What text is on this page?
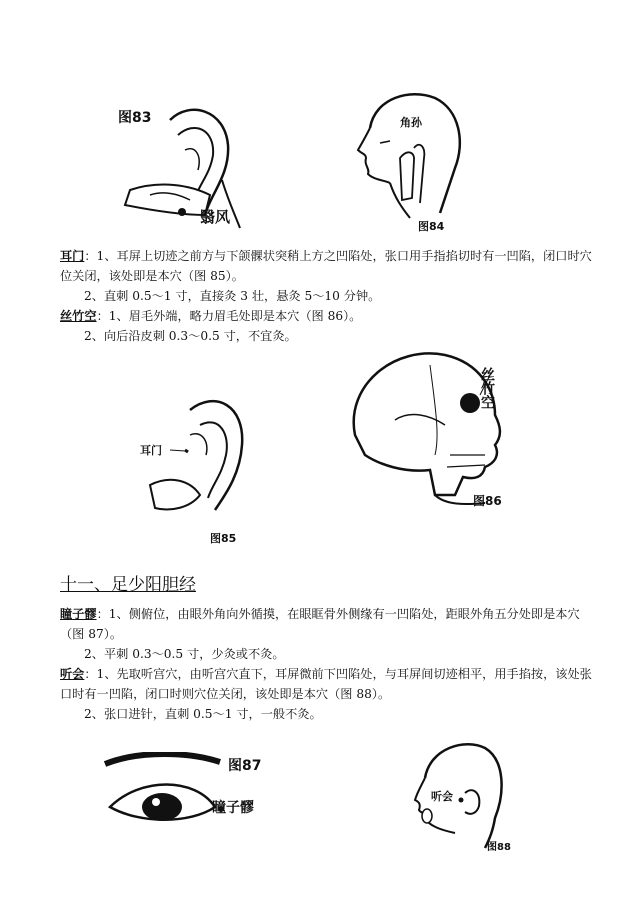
图83
翳风
角孙
图84
耳门：1、耳屏上切迹之前方与下颌髁状突稍上方之凹陷处，张口用手指掐切时有一凹陷，闭口时穴位关闭，该处即是本穴（图 85）。
2、直刺 0.5～1 寸，直接灸 3 壮，悬灸 5～10 分钟。
丝竹空：1、眉毛外端，略力眉毛处即是本穴（图 86）。
2、向后沿皮刺 0.3～0.5 寸，不宜灸。
耳门
图85
丝竹空
图86
十一、足少阳胆经
瞳子髎：1、侧俯位，由眼外角向外循摸，在眼眶骨外侧缘有一凹陷处，距眼外角五分处即是本穴（图 87）。
2、平刺 0.3～0.5 寸，少灸或不灸。
听会：1、先取听宫穴，由听宫穴直下，耳屏微前下凹陷处，与耳屏间切迹相平，用手掐按，该处张口时有一凹陷，闭口时则穴位关闭，该处即是本穴（图 88）。
2、张口进针，直刺 0.5～1 寸，一般不灸。
图87
瞳子髎
听会
图88
